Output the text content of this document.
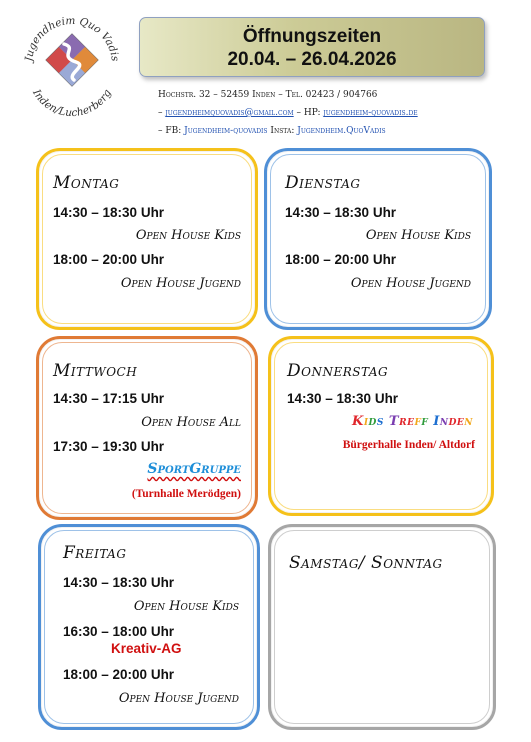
Jugendheim Quo Vadis
Inden/Lucherberg
Öffnungszeiten
20.04. – 26.04.2026
Hochstr. 32 – 52459 Inden – Tel. 02423 / 904766
– jugendheimquovadis@gmail.com – HP: jugendheim-quovadis.de
– FB: Jugendheim-quovadis Insta: Jugendheim.QuoVadis
Montag
14:30 – 18:30 Uhr
Open House Kids
18:00 – 20:00 Uhr
Open House Jugend
Dienstag
14:30 – 18:30 Uhr
Open House Kids
18:00 – 20:00 Uhr
Open House Jugend
Mittwoch
14:30 – 17:15 Uhr
Open House All
17:30 – 19:30 Uhr
SportGruppe
(Turnhalle Merödgen)
Donnerstag
14:30 – 18:30 Uhr
Kids Treff Inden
Bürgerhalle Inden/ Altdorf
Freitag
14:30 – 18:30 Uhr
Open House Kids
16:30 – 18:00 Uhr
Kreativ-AG
18:00 – 20:00 Uhr
Open House Jugend
Samstag/ Sonntag
